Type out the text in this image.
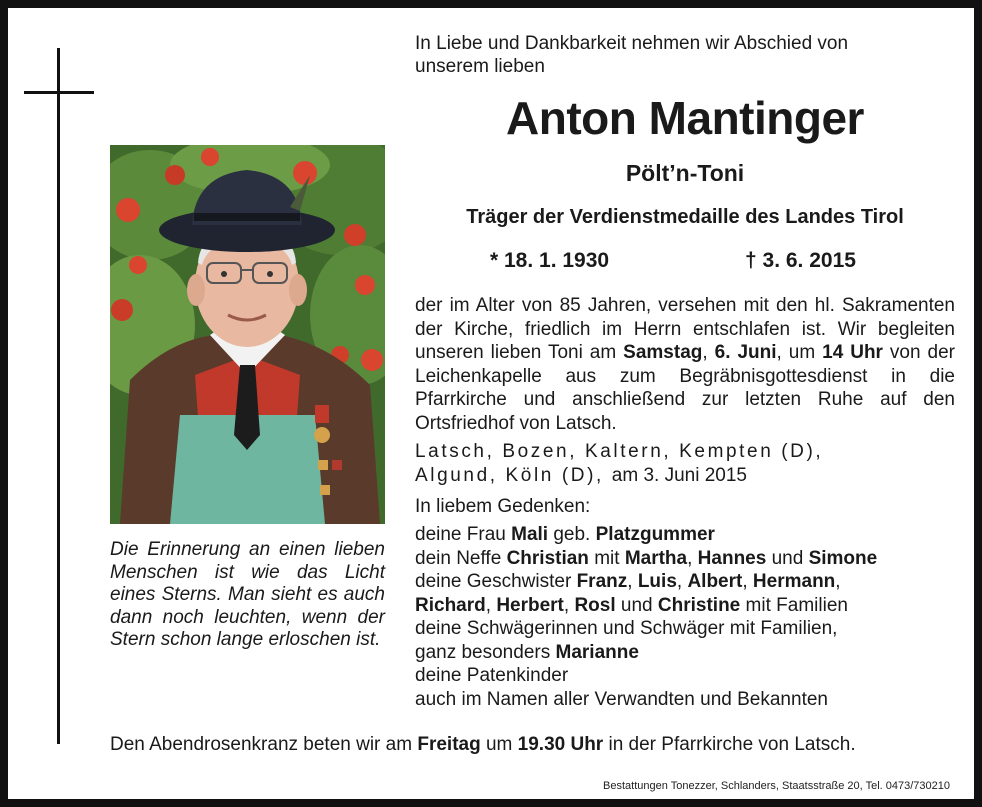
In Liebe und Dankbarkeit nehmen wir Abschied von
unserem lieben
Anton Mantinger
Pölt’n-Toni
Träger der Verdienstmedaille des Landes Tirol
* 18. 1. 1930	† 3. 6. 2015
der im Alter von 85 Jahren, versehen mit den hl. Sakramenten der Kirche, friedlich im Herrn entschlafen ist. Wir begleiten unseren lieben Toni am Samstag, 6. Juni, um 14 Uhr von der Leichenkapelle aus zum Begräbnisgottesdienst in die Pfarrkirche und anschließend zur letzten Ruhe auf den Ortsfriedhof von Latsch.
Latsch, Bozen, Kaltern, Kempten (D),
Algund, Köln (D), am 3. Juni 2015
In liebem Gedenken:
deine Frau Mali geb. Platzgummer
dein Neffe Christian mit Martha, Hannes und Simone
deine Geschwister Franz, Luis, Albert, Hermann,
Richard, Herbert, Rosl und Christine mit Familien
deine Schwägerinnen und Schwäger mit Familien,
ganz besonders Marianne
deine Patenkinder
auch im Namen aller Verwandten und Bekannten
Die Erinnerung an einen lieben Menschen ist wie das Licht eines Sterns. Man sieht es auch dann noch leuchten, wenn der Stern schon lange erloschen ist.
Den Abendrosenkranz beten wir am Freitag um 19.30 Uhr in der Pfarrkirche von Latsch.
Bestattungen Tonezzer, Schlanders, Staatsstraße 20, Tel. 0473/730210
